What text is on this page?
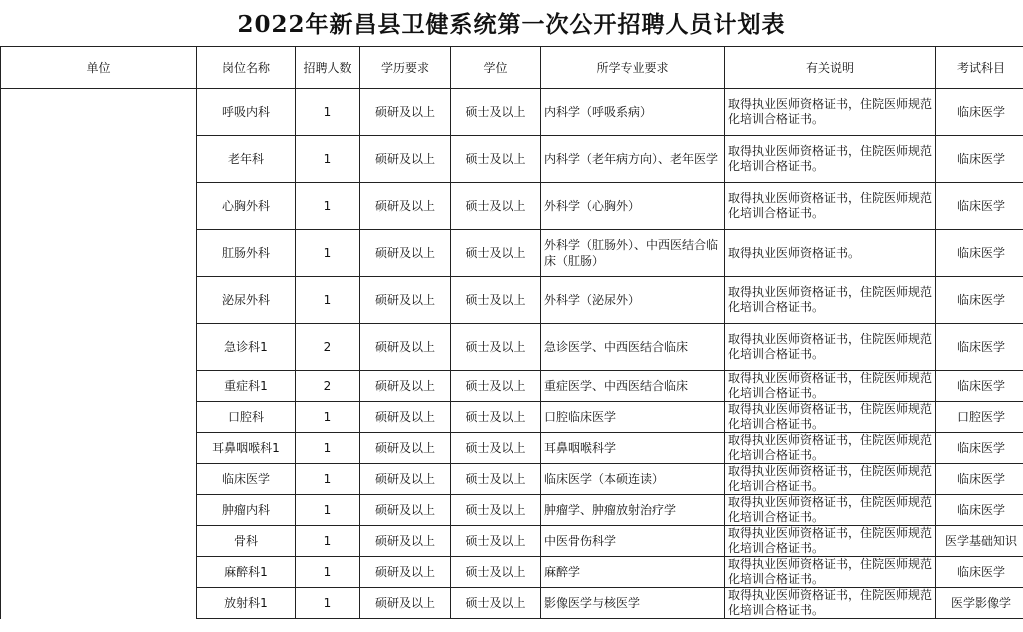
2022年新昌县卫健系统第一次公开招聘人员计划表
单位	岗位名称	招聘人数	学历要求	学位	所学专业要求	有关说明	考试科目
	呼吸内科	1	硕研及以上	硕士及以上	内科学（呼吸系病）	取得执业医师资格证书，住院医师规范化培训合格证书。	临床医学
	老年科	1	硕研及以上	硕士及以上	内科学（老年病方向）、老年医学	取得执业医师资格证书，住院医师规范化培训合格证书。	临床医学
	心胸外科	1	硕研及以上	硕士及以上	外科学（心胸外）	取得执业医师资格证书，住院医师规范化培训合格证书。	临床医学
	肛肠外科	1	硕研及以上	硕士及以上	外科学（肛肠外）、中西医结合临床（肛肠）	取得执业医师资格证书。	临床医学
	泌尿外科	1	硕研及以上	硕士及以上	外科学（泌尿外）	取得执业医师资格证书，住院医师规范化培训合格证书。	临床医学
	急诊科1	2	硕研及以上	硕士及以上	急诊医学、中西医结合临床	取得执业医师资格证书，住院医师规范化培训合格证书。	临床医学
	重症科1	2	硕研及以上	硕士及以上	重症医学、中西医结合临床	取得执业医师资格证书，住院医师规范化培训合格证书。	临床医学
	口腔科	1	硕研及以上	硕士及以上	口腔临床医学	取得执业医师资格证书，住院医师规范化培训合格证书。	口腔医学
	耳鼻咽喉科1	1	硕研及以上	硕士及以上	耳鼻咽喉科学	取得执业医师资格证书，住院医师规范化培训合格证书。	临床医学
	临床医学	1	硕研及以上	硕士及以上	临床医学（本硕连读）	取得执业医师资格证书，住院医师规范化培训合格证书。	临床医学
	肿瘤内科	1	硕研及以上	硕士及以上	肿瘤学、肿瘤放射治疗学	取得执业医师资格证书，住院医师规范化培训合格证书。	临床医学
	骨科	1	硕研及以上	硕士及以上	中医骨伤科学	取得执业医师资格证书，住院医师规范化培训合格证书。	医学基础知识
	麻醉科1	1	硕研及以上	硕士及以上	麻醉学	取得执业医师资格证书，住院医师规范化培训合格证书。	临床医学
	放射科1	1	硕研及以上	硕士及以上	影像医学与核医学	取得执业医师资格证书，住院医师规范化培训合格证书。	医学影像学
